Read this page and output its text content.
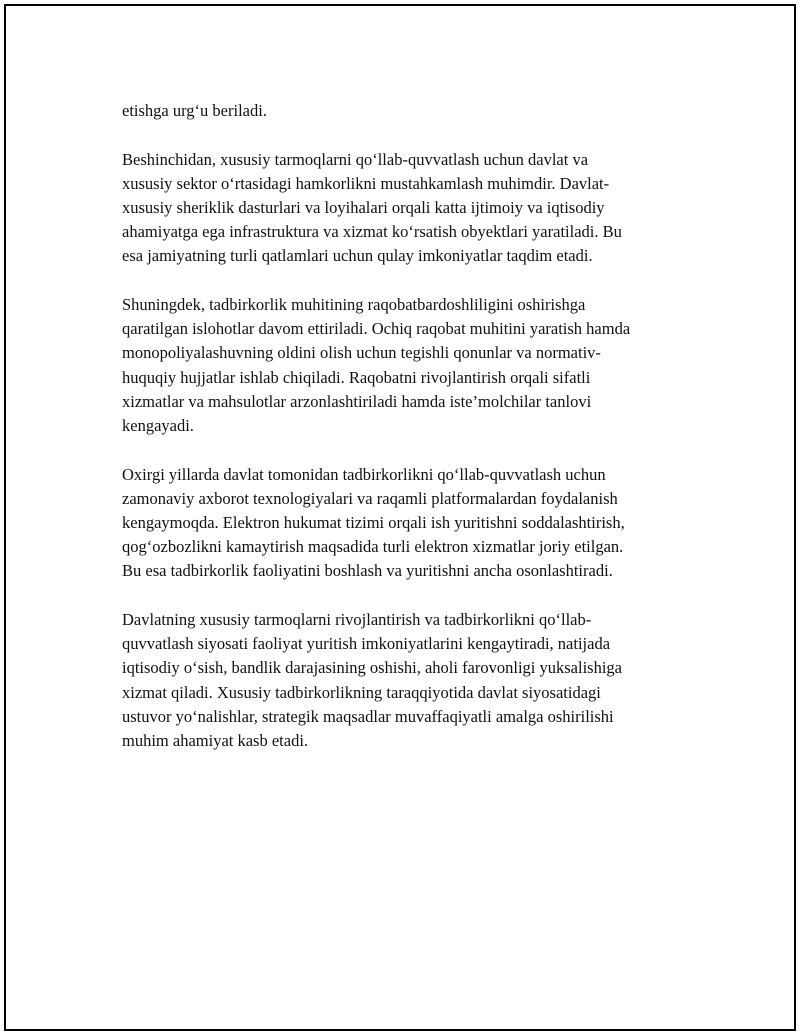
etishga urg‘u beriladi.

Beshinchidan, xususiy tarmoqlarni qo‘llab-quvvatlash uchun davlat va
xususiy sektor o‘rtasidagi hamkorlikni mustahkamlash muhimdir. Davlat-
xususiy sheriklik dasturlari va loyihalari orqali katta ijtimoiy va iqtisodiy
ahamiyatga ega infrastruktura va xizmat ko‘rsatish obyektlari yaratiladi. Bu
esa jamiyatning turli qatlamlari uchun qulay imkoniyatlar taqdim etadi.

Shuningdek, tadbirkorlik muhitining raqobatbardoshliligini oshirishga
qaratilgan islohotlar davom ettiriladi. Ochiq raqobat muhitini yaratish hamda
monopoliyalashuvning oldini olish uchun tegishli qonunlar va normativ-
huquqiy hujjatlar ishlab chiqiladi. Raqobatni rivojlantirish orqali sifatli
xizmatlar va mahsulotlar arzonlashtiriladi hamda iste’molchilar tanlovi
kengayadi.

Oxirgi yillarda davlat tomonidan tadbirkorlikni qo‘llab-quvvatlash uchun
zamonaviy axborot texnologiyalari va raqamli platformalardan foydalanish
kengaymoqda. Elektron hukumat tizimi orqali ish yuritishni soddalashtirish,
qog‘ozbozlikni kamaytirish maqsadida turli elektron xizmatlar joriy etilgan.
Bu esa tadbirkorlik faoliyatini boshlash va yuritishni ancha osonlashtiradi.

Davlatning xususiy tarmoqlarni rivojlantirish va tadbirkorlikni qo‘llab-
quvvatlash siyosati faoliyat yuritish imkoniyatlarini kengaytiradi, natijada
iqtisodiy o‘sish, bandlik darajasining oshishi, aholi farovonligi yuksalishiga
xizmat qiladi. Xususiy tadbirkorlikning taraqqiyotida davlat siyosatidagi
ustuvor yo‘nalishlar, strategik maqsadlar muvaffaqiyatli amalga oshirilishi
muhim ahamiyat kasb etadi.
